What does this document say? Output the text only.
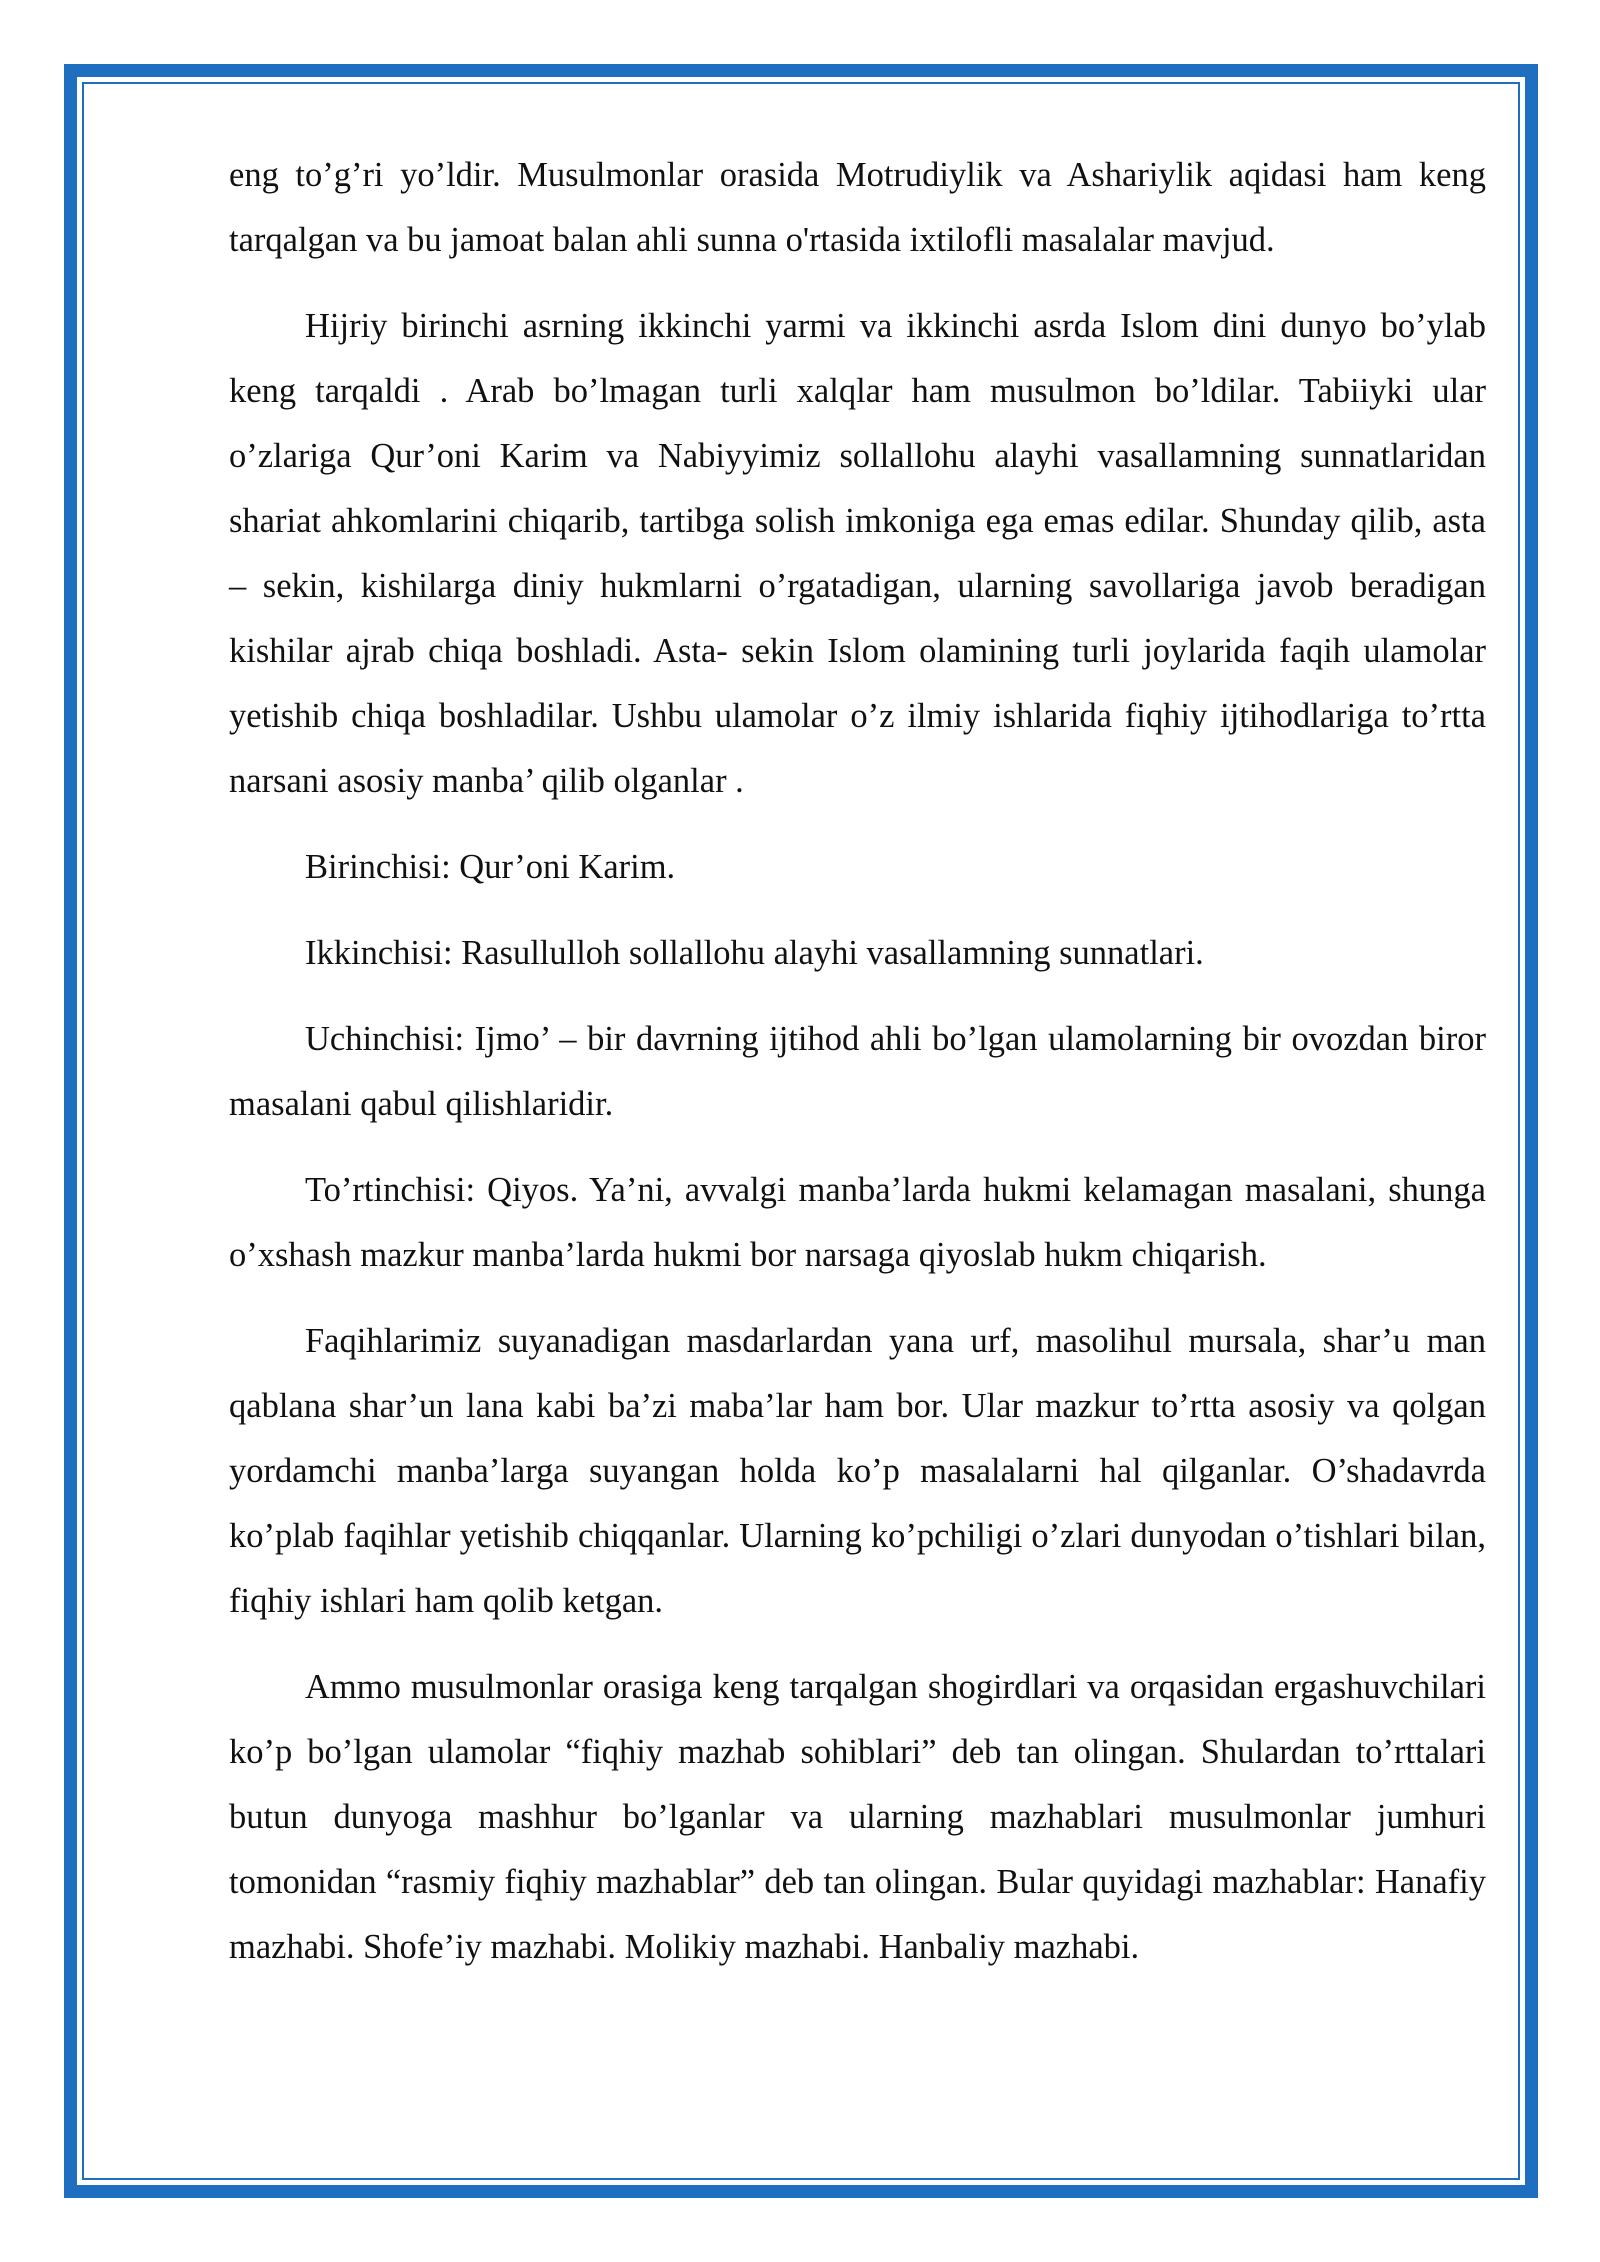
eng to’g’ri yo’ldir. Musulmonlar orasida Motrudiylik va Ashariylik aqidasi ham keng tarqalgan va bu jamoat balan ahli sunna o'rtasida ixtilofli masalalar mavjud.

Hijriy birinchi asrning ikkinchi yarmi va ikkinchi asrda Islom dini dunyo bo’ylab keng tarqaldi . Arab bo’lmagan turli xalqlar ham musulmon bo’ldilar. Tabiiyki ular o’zlariga Qur’oni Karim va Nabiyyimiz sollallohu alayhi vasallamning sunnatlaridan shariat ahkomlarini chiqarib, tartibga solish imkoniga ega emas edilar. Shunday qilib, asta – sekin, kishilarga diniy hukmlarni o’rgatadigan, ularning savollariga javob beradigan kishilar ajrab chiqa boshladi. Asta- sekin Islom olamining turli joylarida faqih ulamolar yetishib chiqa boshladilar. Ushbu ulamolar o’z ilmiy ishlarida fiqhiy ijtihodlariga to’rtta narsani asosiy manba’ qilib olganlar .

Birinchisi: Qur’oni Karim.

Ikkinchisi: Rasullulloh sollallohu alayhi vasallamning sunnatlari.

Uchinchisi: Ijmo’ – bir davrning ijtihod ahli bo’lgan ulamolarning bir ovozdan biror masalani qabul qilishlaridir.

To’rtinchisi: Qiyos. Ya’ni, avvalgi manba’larda hukmi kelamagan masalani, shunga o’xshash mazkur manba’larda hukmi bor narsaga qiyoslab hukm chiqarish.

Faqihlarimiz suyanadigan masdarlardan yana urf, masolihul mursala, shar’u man qablana shar’un lana kabi ba’zi maba’lar ham bor. Ular mazkur to’rtta asosiy va qolgan yordamchi manba’larga suyangan holda ko’p masalalarni hal qilganlar. O’shadavrda ko’plab faqihlar yetishib chiqqanlar. Ularning ko’pchiligi o’zlari dunyodan o’tishlari bilan, fiqhiy ishlari ham qolib ketgan.

Ammo musulmonlar orasiga keng tarqalgan shogirdlari va orqasidan ergashuvchilari ko’p bo’lgan ulamolar “fiqhiy mazhab sohiblari” deb tan olingan. Shulardan to’rttalari butun dunyoga mashhur bo’lganlar va ularning mazhablari musulmonlar jumhuri tomonidan “rasmiy fiqhiy mazhablar” deb tan olingan. Bular quyidagi mazhablar: Hanafiy mazhabi. Shofe’iy mazhabi. Molikiy mazhabi. Hanbaliy mazhabi.
